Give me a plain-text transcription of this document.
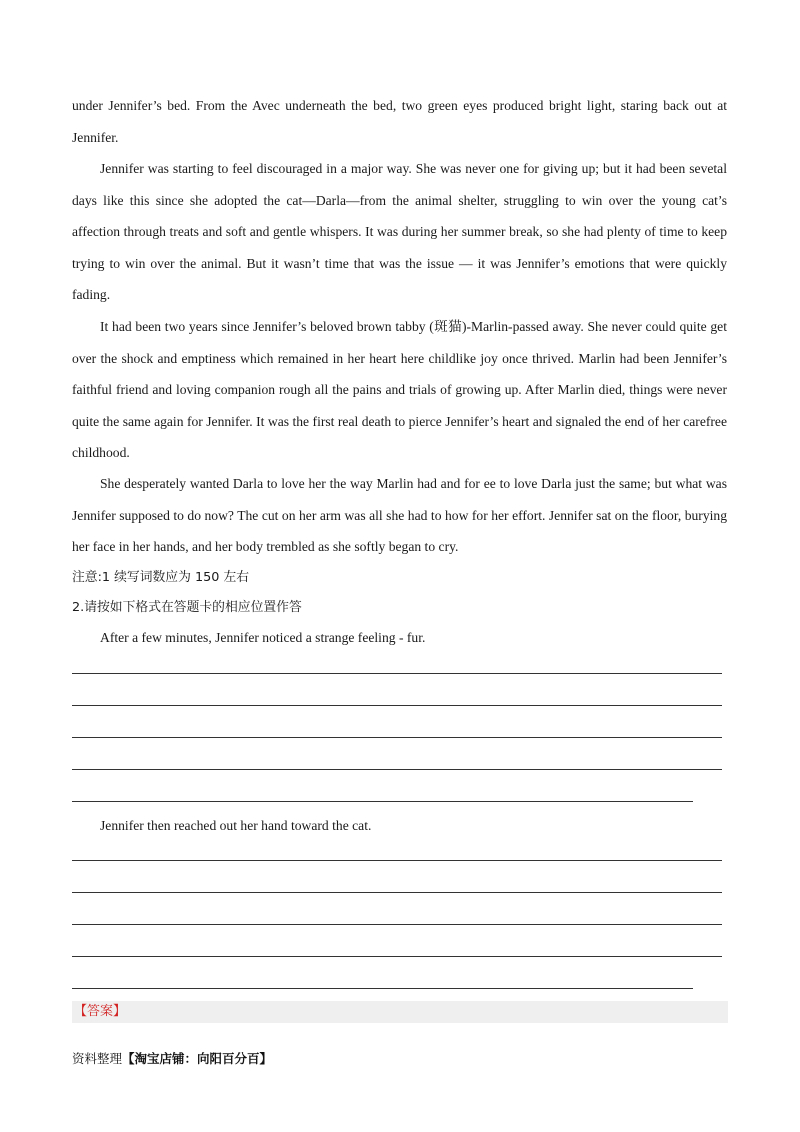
under Jennifer’s bed. From the Avec underneath the bed, two green eyes produced bright light, staring back out at Jennifer.

Jennifer was starting to feel discouraged in a major way. She was never one for giving up; but it had been sevetal days like this since she adopted the cat—Darla—from the animal shelter, struggling to win over the young cat’s affection through treats and soft and gentle whispers. It was during her summer break, so she had plenty of time to keep trying to win over the animal. But it wasn’t time that was the issue — it was Jennifer’s emotions that were quickly fading.

It had been two years since Jennifer’s beloved brown tabby (斑猫)-Marlin-passed away. She never could quite get over the shock and emptiness which remained in her heart here childlike joy once thrived. Marlin had been Jennifer’s faithful friend and loving companion rough all the pains and trials of growing up. After Marlin died, things were never quite the same again for Jennifer. It was the first real death to pierce Jennifer’s heart and signaled the end of her carefree childhood.

She desperately wanted Darla to love her the way Marlin had and for ee to love Darla just the same; but what was Jennifer supposed to do now? The cut on her arm was all she had to how for her effort. Jennifer sat on the floor, burying her face in her hands, and her body trembled as she softly began to cry.

注意:1 续写词数应为 150 左右
2.请按如下格式在答题卡的相应位置作答
After a few minutes, Jennifer noticed a strange feeling - fur.
Jennifer then reached out her hand toward the cat.
【答案】
资料整理【淘宝店铺：向阳百分百】
